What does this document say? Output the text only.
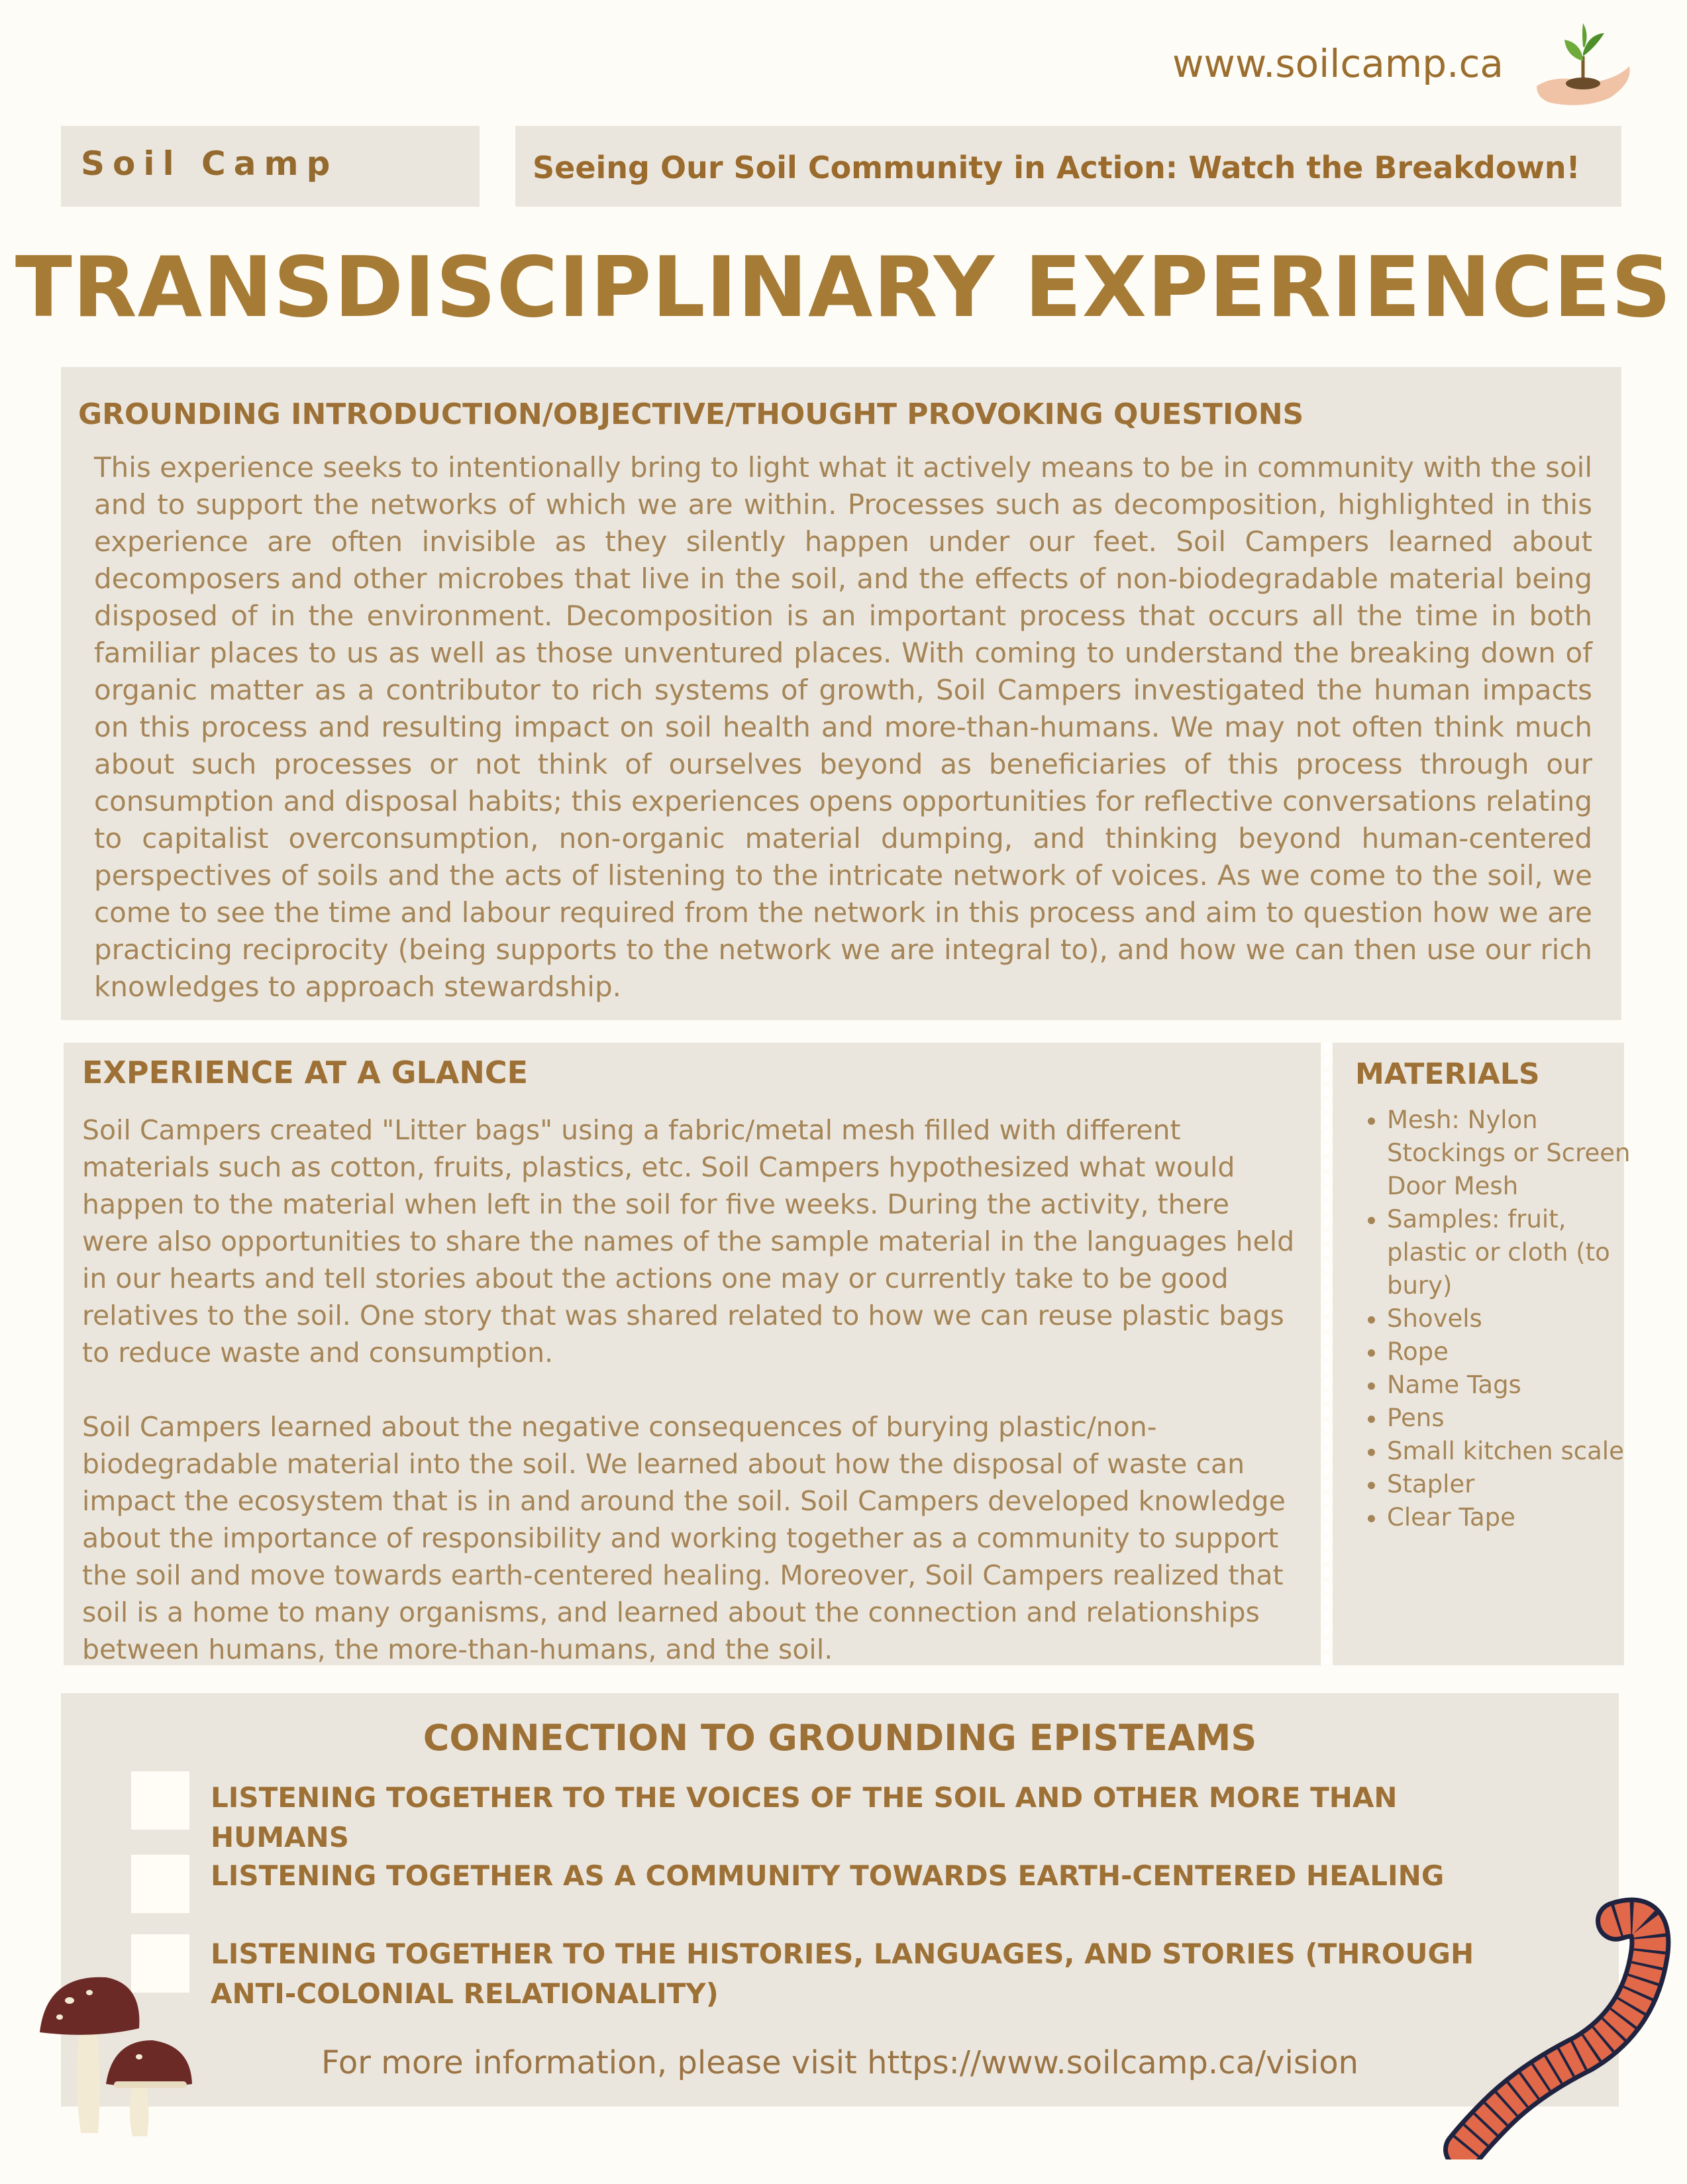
www.soilcamp.ca
Soil Camp	Seeing Our Soil Community in Action: Watch the Breakdown!
TRANSDISCIPLINARY EXPERIENCES
GROUNDING INTRODUCTION/OBJECTIVE/THOUGHT PROVOKING QUESTIONS
This experience seeks to intentionally bring to light what it actively means to be in community with the soil and to support the networks of which we are within. Processes such as decomposition, highlighted in this experience are often invisible as they silently happen under our feet. Soil Campers learned about decomposers and other microbes that live in the soil, and the effects of non-biodegradable material being disposed of in the environment. Decomposition is an important process that occurs all the time in both familiar places to us as well as those unventured places. With coming to understand the breaking down of organic matter as a contributor to rich systems of growth, Soil Campers investigated the human impacts on this process and resulting impact on soil health and more-than-humans. We may not often think much about such processes or not think of ourselves beyond as beneficiaries of this process through our consumption and disposal habits; this experiences opens opportunities for reflective conversations relating to capitalist overconsumption, non-organic material dumping, and thinking beyond human-centered perspectives of soils and the acts of listening to the intricate network of voices. As we come to the soil, we come to see the time and labour required from the network in this process and aim to question how we are practicing reciprocity (being supports to the network we are integral to), and how we can then use our rich knowledges to approach stewardship.
EXPERIENCE AT A GLANCE

Soil Campers created "Litter bags" using a fabric/metal mesh filled with different materials such as cotton, fruits, plastics, etc. Soil Campers hypothesized what would happen to the material when left in the soil for five weeks. During the activity, there were also opportunities to share the names of the sample material in the languages held in our hearts and tell stories about the actions one may or currently take to be good relatives to the soil. One story that was shared related to how we can reuse plastic bags to reduce waste and consumption.

Soil Campers learned about the negative consequences of burying plastic/non-biodegradable material into the soil. We learned about how the disposal of waste can impact the ecosystem that is in and around the soil. Soil Campers developed knowledge about the importance of responsibility and working together as a community to support the soil and move towards earth-centered healing. Moreover, Soil Campers realized that soil is a home to many organisms, and learned about the connection and relationships between humans, the more-than-humans, and the soil.

MATERIALS
• Mesh: Nylon Stockings or Screen Door Mesh
• Samples: fruit, plastic or cloth (to bury)
• Shovels
• Rope
• Name Tags
• Pens
• Small kitchen scale
• Stapler
• Clear Tape
CONNECTION TO GROUNDING EPISTEAMS
LISTENING TOGETHER TO THE VOICES OF THE SOIL AND OTHER MORE THAN HUMANS
LISTENING TOGETHER AS A COMMUNITY TOWARDS EARTH-CENTERED HEALING
LISTENING TOGETHER TO THE HISTORIES, LANGUAGES, AND STORIES (THROUGH ANTI-COLONIAL RELATIONALITY)
For more information, please visit https://www.soilcamp.ca/vision
